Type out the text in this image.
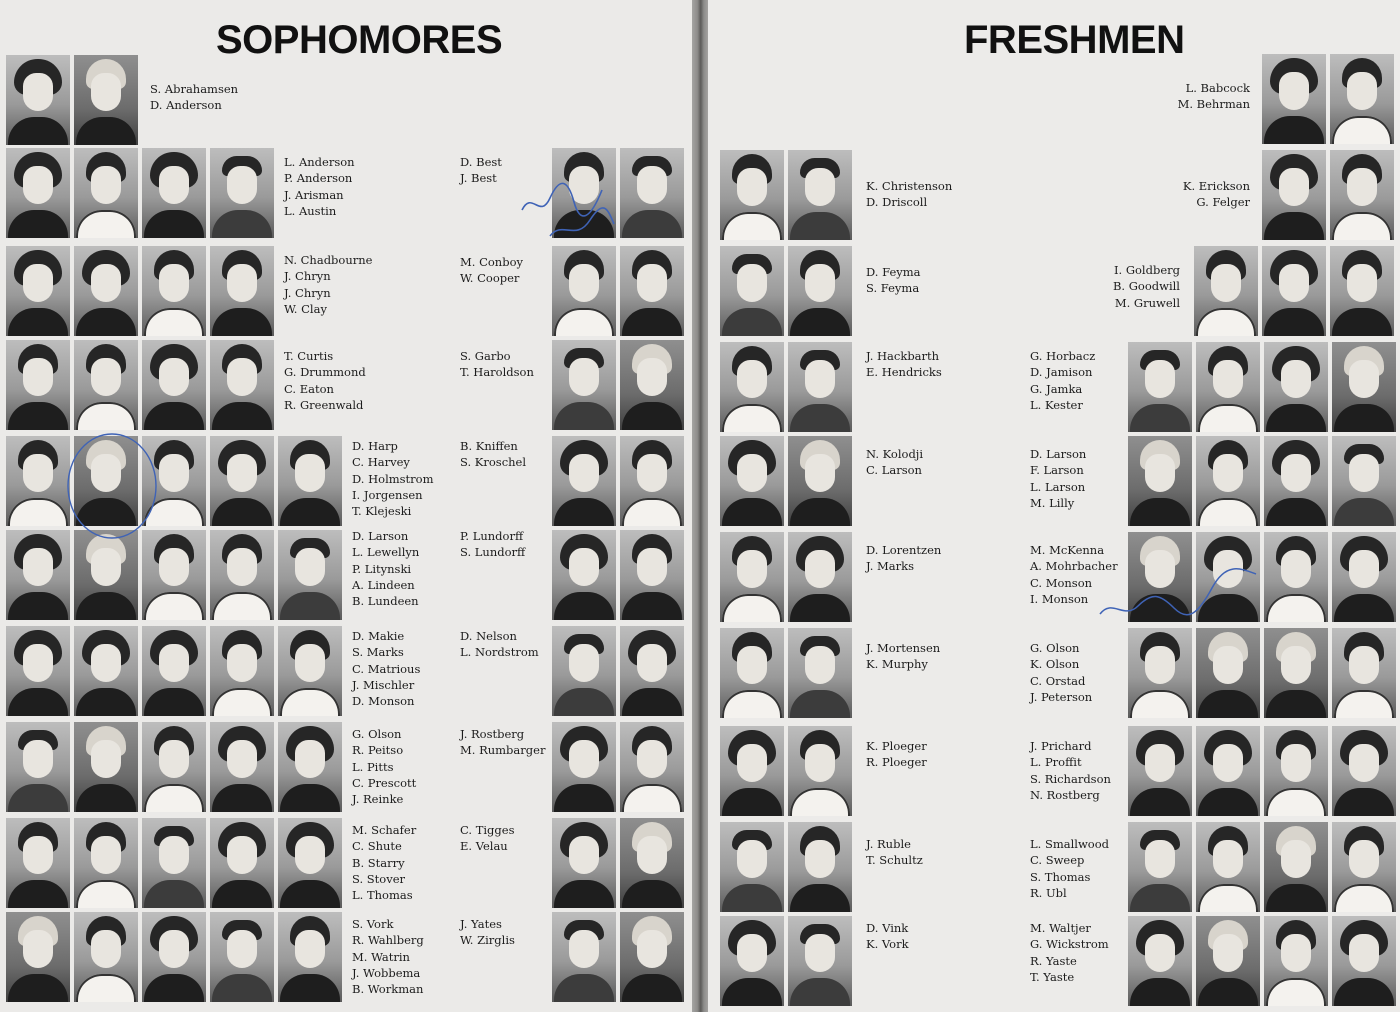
SOPHOMORES
S. Abrahamsen
D. Anderson
L. Anderson
P. Anderson
J. Arisman
L. Austin
D. Best
J. Best
N. Chadbourne
J. Chryn
J. Chryn
W. Clay
M. Conboy
W. Cooper
T. Curtis
G. Drummond
C. Eaton
R. Greenwald
S. Garbo
T. Haroldson
D. Harp
C. Harvey
D. Holmstrom
I. Jorgensen
T. Klejeski
B. Kniffen
S. Kroschel
D. Larson
L. Lewellyn
P. Litynski
A. Lindeen
B. Lundeen
P. Lundorff
S. Lundorff
D. Makie
S. Marks
C. Matrious
J. Mischler
D. Monson
D. Nelson
L. Nordstrom
G. Olson
R. Peitso
L. Pitts
C. Prescott
J. Reinke
J. Rostberg
M. Rumbarger
M. Schafer
C. Shute
B. Starry
S. Stover
L. Thomas
C. Tigges
E. Velau
S. Vork
R. Wahlberg
M. Watrin
J. Wobbema
B. Workman
J. Yates
W. Zirglis
FRESHMEN
L. Babcock
M. Behrman
K. Christenson
D. Driscoll
K. Erickson
G. Felger
D. Feyma
S. Feyma
I. Goldberg
B. Goodwill
M. Gruwell
J. Hackbarth
E. Hendricks
G. Horbacz
D. Jamison
G. Jamka
L. Kester
N. Kolodji
C. Larson
D. Larson
F. Larson
L. Larson
M. Lilly
D. Lorentzen
J. Marks
M. McKenna
A. Mohrbacher
C. Monson
I. Monson
J. Mortensen
K. Murphy
G. Olson
K. Olson
C. Orstad
J. Peterson
K. Ploeger
R. Ploeger
J. Prichard
L. Proffit
S. Richardson
N. Rostberg
J. Ruble
T. Schultz
L. Smallwood
C. Sweep
S. Thomas
R. Ubl
D. Vink
K. Vork
M. Waltjer
G. Wickstrom
R. Yaste
T. Yaste
